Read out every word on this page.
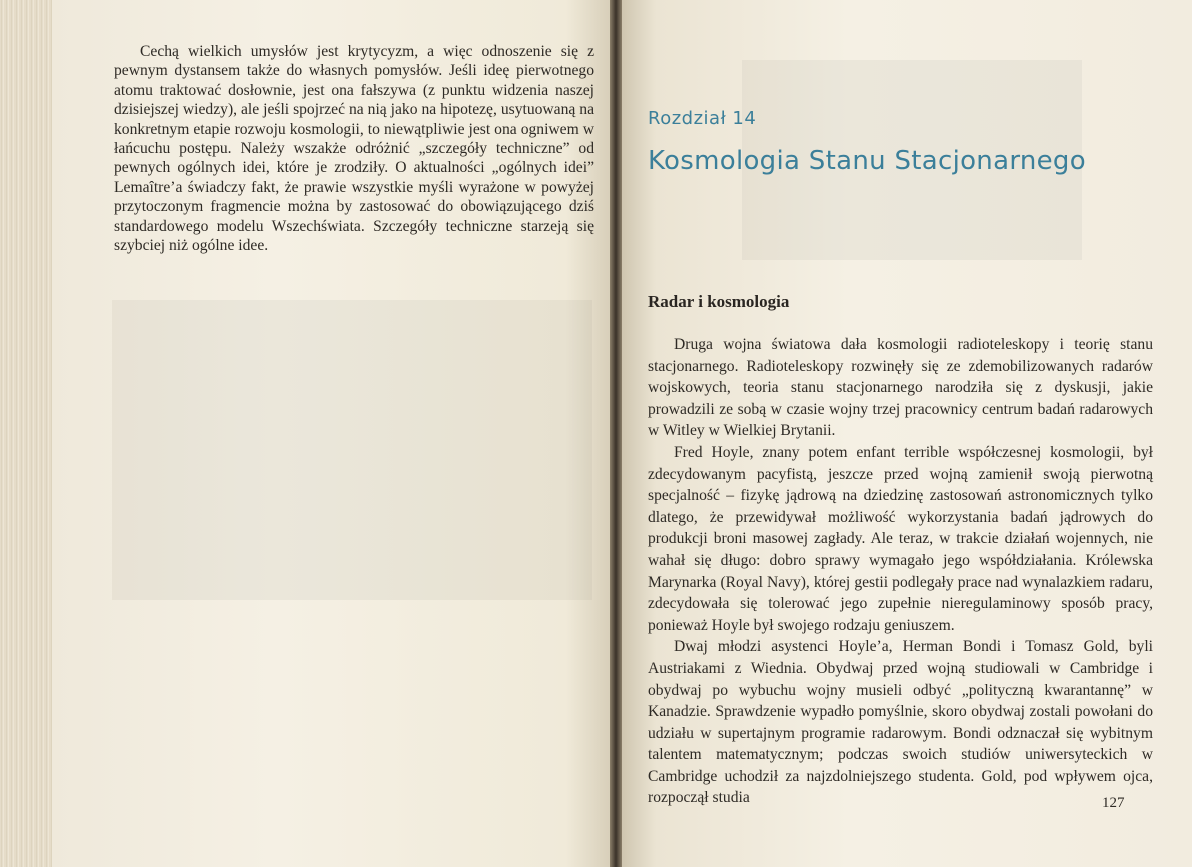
Cechą wielkich umysłów jest krytycyzm, a więc odnoszenie się z pewnym dystansem także do własnych pomysłów. Jeśli ideę pierwotnego atomu traktować dosłownie, jest ona fałszywa (z punktu widzenia naszej dzisiejszej wiedzy), ale jeśli spojrzeć na nią jako na hipotezę, usytuowaną na konkretnym etapie rozwoju kosmologii, to niewątpliwie jest ona ogniwem w łańcuchu postępu. Należy wszakże odróżnić „szczegóły techniczne” od pewnych ogólnych idei, które je zrodziły. O aktualności „ogólnych idei” Lemaître’a świadczy fakt, że prawie wszystkie myśli wyrażone w powyżej przytoczonym fragmencie można by zastosować do obowiązującego dziś standardowego modelu Wszechświata. Szczegóły techniczne starzeją się szybciej niż ogólne idee.

Rozdział 14
Kosmologia Stanu Stacjonarnego
Radar i kosmologia

Druga wojna światowa dała kosmologii radioteleskopy i teorię stanu stacjonarnego. Radioteleskopy rozwinęły się ze zdemobilizowanych radarów wojskowych, teoria stanu stacjonarnego narodziła się z dyskusji, jakie prowadzili ze sobą w czasie wojny trzej pracownicy centrum badań radarowych w Witley w Wielkiej Brytanii.

Fred Hoyle, znany potem enfant terrible współczesnej kosmologii, był zdecydowanym pacyfistą, jeszcze przed wojną zamienił swoją pierwotną specjalność – fizykę jądrową na dziedzinę zastosowań astronomicznych tylko dlatego, że przewidywał możliwość wykorzystania badań jądrowych do produkcji broni masowej zagłady. Ale teraz, w trakcie działań wojennych, nie wahał się długo: dobro sprawy wymagało jego współdziałania. Królewska Marynarka (Royal Navy), której gestii podlegały prace nad wynalazkiem radaru, zdecydowała się tolerować jego zupełnie nieregulaminowy sposób pracy, ponieważ Hoyle był swojego rodzaju geniuszem.

Dwaj młodzi asystenci Hoyle’a, Herman Bondi i Tomasz Gold, byli Austriakami z Wiednia. Obydwaj przed wojną studiowali w Cambridge i obydwaj po wybuchu wojny musieli odbyć „polityczną kwarantannę” w Kanadzie. Sprawdzenie wypadło pomyślnie, skoro obydwaj zostali powołani do udziału w supertajnym programie radarowym. Bondi odznaczał się wybitnym talentem matematycznym; podczas swoich studiów uniwersyteckich w Cambridge uchodził za najzdolniejszego studenta. Gold, pod wpływem ojca, rozpoczął studia	127
